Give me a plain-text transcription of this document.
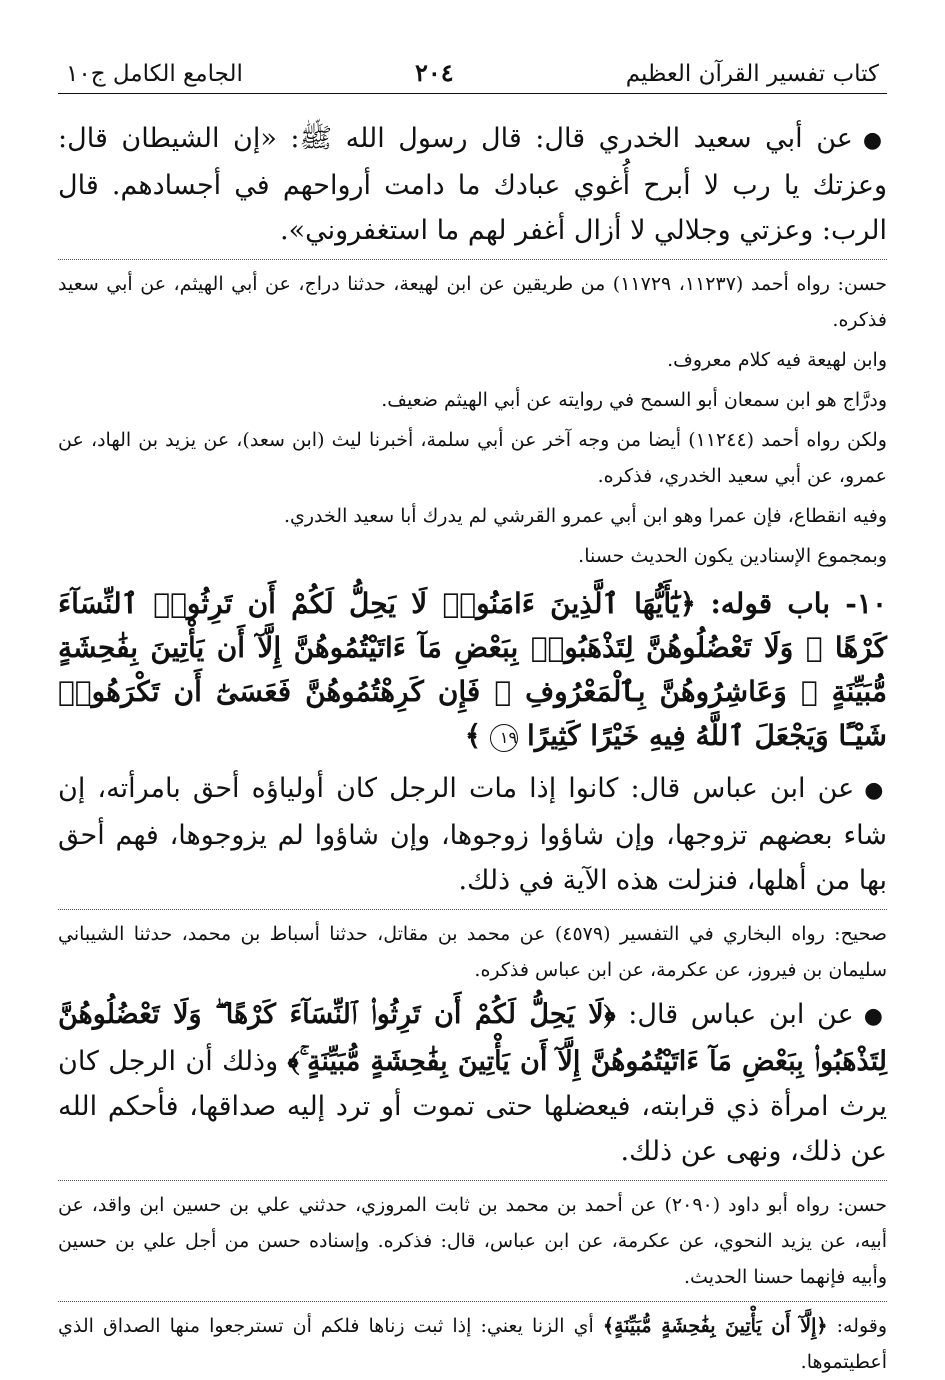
كتاب تفسير القرآن العظيم
٢٠٤
الجامع الكامل ج١٠

●عن أبي سعيد الخدري قال: قال رسول الله ﷺ: «إن الشيطان قال: وعزتك يا رب لا أبرح أُغوي عبادك ما دامت أرواحهم في أجسادهم. قال الرب: وعزتي وجلالي لا أزال أغفر لهم ما استغفروني».

حسن: رواه أحمد (١١٢٣٧، ١١٧٢٩) من طريقين عن ابن لهيعة، حدثنا دراج، عن أبي الهيثم، عن أبي سعيد فذكره.

وابن لهيعة فيه كلام معروف.

ودرَّاج هو ابن سمعان أبو السمح في روايته عن أبي الهيثم ضعيف.

ولكن رواه أحمد (١١٢٤٤) أيضا من وجه آخر عن أبي سلمة، أخبرنا ليث (ابن سعد)، عن يزيد بن الهاد، عن عمرو، عن أبي سعيد الخدري، فذكره.

وفيه انقطاع، فإن عمرا وهو ابن أبي عمرو القرشي لم يدرك أبا سعيد الخدري.

وبمجموع الإسنادين يكون الحديث حسنا.

١٠- باب قوله: ﴿يَٰٓأَيُّهَا ٱلَّذِينَ ءَامَنُوا۟ لَا يَحِلُّ لَكُمْ أَن تَرِثُوا۟ ٱلنِّسَآءَ كَرْهًا ۖ وَلَا تَعْضُلُوهُنَّ لِتَذْهَبُوا۟ بِبَعْضِ مَآ ءَاتَيْتُمُوهُنَّ إِلَّآ أَن يَأْتِينَ بِفَٰحِشَةٍ مُّبَيِّنَةٍ ۚ وَعَاشِرُوهُنَّ بِٱلْمَعْرُوفِ ۚ فَإِن كَرِهْتُمُوهُنَّ فَعَسَىٰٓ أَن تَكْرَهُوا۟ شَيْـًٔا وَيَجْعَلَ ٱللَّهُ فِيهِ خَيْرًا كَثِيرًا ١٩ ﴾

●عن ابن عباس قال: كانوا إذا مات الرجل كان أولياؤه أحق بامرأته، إن شاء بعضهم تزوجها، وإن شاؤوا زوجوها، وإن شاؤوا لم يزوجوها، فهم أحق بها من أهلها، فنزلت هذه الآية في ذلك.

صحيح: رواه البخاري في التفسير (٤٥٧٩) عن محمد بن مقاتل، حدثنا أسباط بن محمد، حدثنا الشيباني سليمان بن فيروز، عن عكرمة، عن ابن عباس فذكره.

●عن ابن عباس قال: ﴿لَا يَحِلُّ لَكُمْ أَن تَرِثُوا۟ ٱلنِّسَآءَ كَرْهًا ۖ وَلَا تَعْضُلُوهُنَّ لِتَذْهَبُوا۟ بِبَعْضِ مَآ ءَاتَيْتُمُوهُنَّ إِلَّآ أَن يَأْتِينَ بِفَٰحِشَةٍ مُّبَيِّنَةٍ ۚ﴾ وذلك أن الرجل كان يرث امرأة ذي قرابته، فيعضلها حتى تموت أو ترد إليه صداقها، فأحكم الله عن ذلك، ونهى عن ذلك.

حسن: رواه أبو داود (٢٠٩٠) عن أحمد بن محمد بن ثابت المروزي، حدثني علي بن حسين ابن واقد، عن أبيه، عن يزيد النحوي، عن عكرمة، عن ابن عباس، قال: فذكره. وإسناده حسن من أجل علي بن حسين وأبيه فإنهما حسنا الحديث.

وقوله: ﴿إِلَّآ أَن يَأْتِينَ بِفَٰحِشَةٍ مُّبَيِّنَةٍ﴾ أي الزنا يعني: إذا ثبت زناها فلكم أن تسترجعوا منها الصداق الذي أعطيتموها.
